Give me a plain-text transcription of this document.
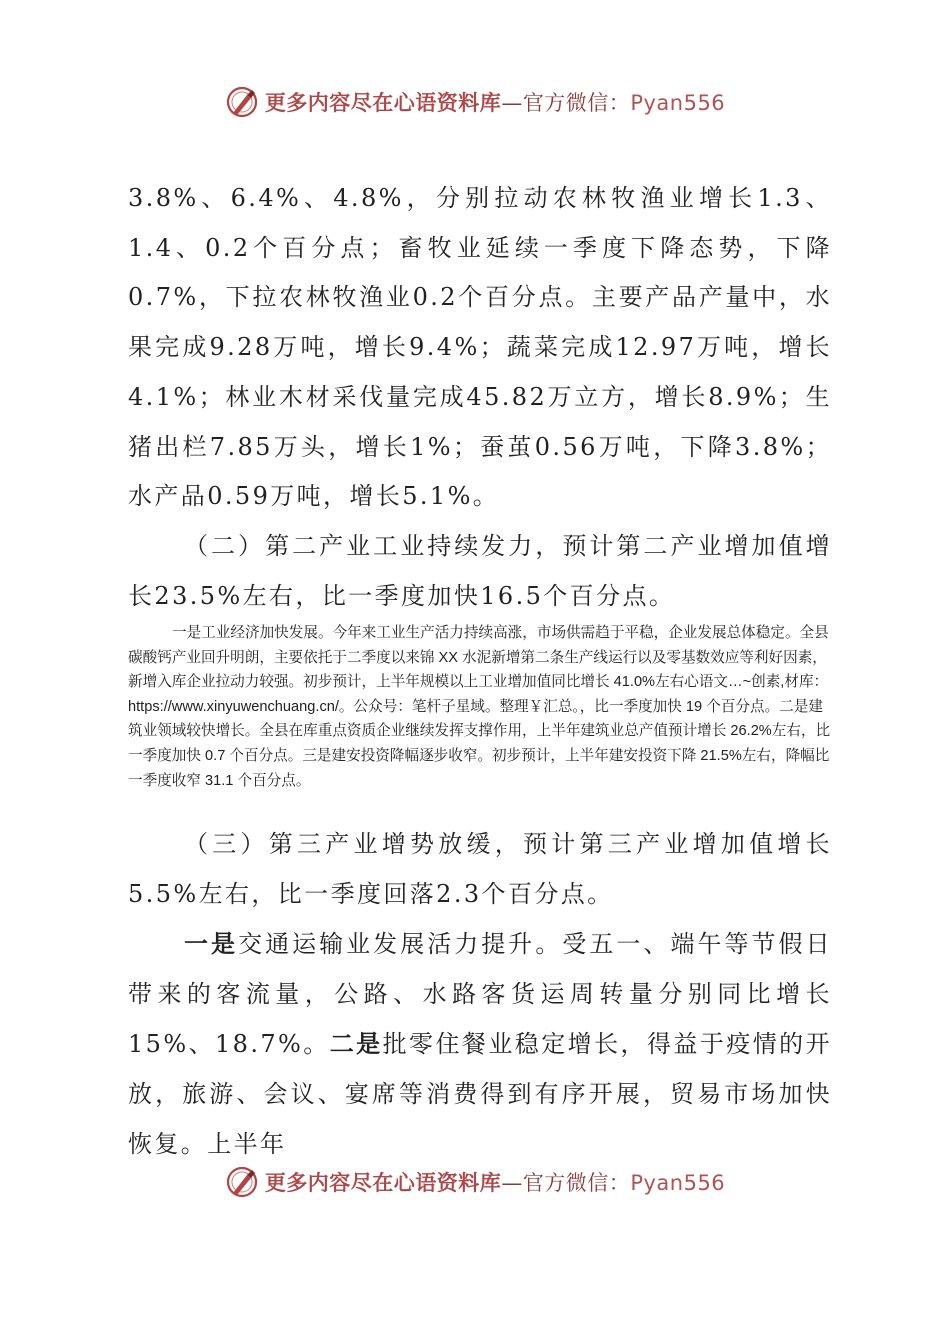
更多内容尽在心语资料库—官方微信：Pyan556

3.8%、6.4%、4.8%，分别拉动农林牧渔业增长1.3、1.4、0.2个百分点；畜牧业延续一季度下降态势，下降0.7%，下拉农林牧渔业0.2个百分点。主要产品产量中，水果完成9.28万吨，增长9.4%；蔬菜完成12.97万吨，增长4.1%；林业木材采伐量完成45.82万立方，增长8.9%；生猪出栏7.85万头，增长1%；蚕茧0.56万吨，下降3.8%；水产品0.59万吨，增长5.1%。

（二）第二产业工业持续发力，预计第二产业增加值增长23.5%左右，比一季度加快16.5个百分点。

一是工业经济加快发展。今年来工业生产活力持续高涨，市场供需趋于平稳，企业发展总体稳定。全县碳酸钙产业回升明朗，主要依托于二季度以来锦 XX 水泥新增第二条生产线运行以及零基数效应等利好因素，新增入库企业拉动力较强。初步预计，上半年规模以上工业增加值同比增长 41.0%左右心语文…~创素,材库：https://www.xinyuwenchuang.cn/。公众号：笔杆子星域。整理￥汇总。，比一季度加快 19 个百分点。二是建筑业领域较快增长。全县在库重点资质企业继续发挥支撑作用，上半年建筑业总产值预计增长 26.2%左右，比一季度加快 0.7 个百分点。三是建安投资降幅逐步收窄。初步预计，上半年建安投资下降 21.5%左右，降幅比一季度收窄 31.1 个百分点。

（三）第三产业增势放缓，预计第三产业增加值增长5.5%左右，比一季度回落2.3个百分点。

一是交通运输业发展活力提升。受五一、端午等节假日带来的客流量，公路、水路客货运周转量分别同比增长15%、18.7%。二是批零住餐业稳定增长，得益于疫情的开放，旅游、会议、宴席等消费得到有序开展，贸易市场加快恢复。上半年

更多内容尽在心语资料库—官方微信：Pyan556
